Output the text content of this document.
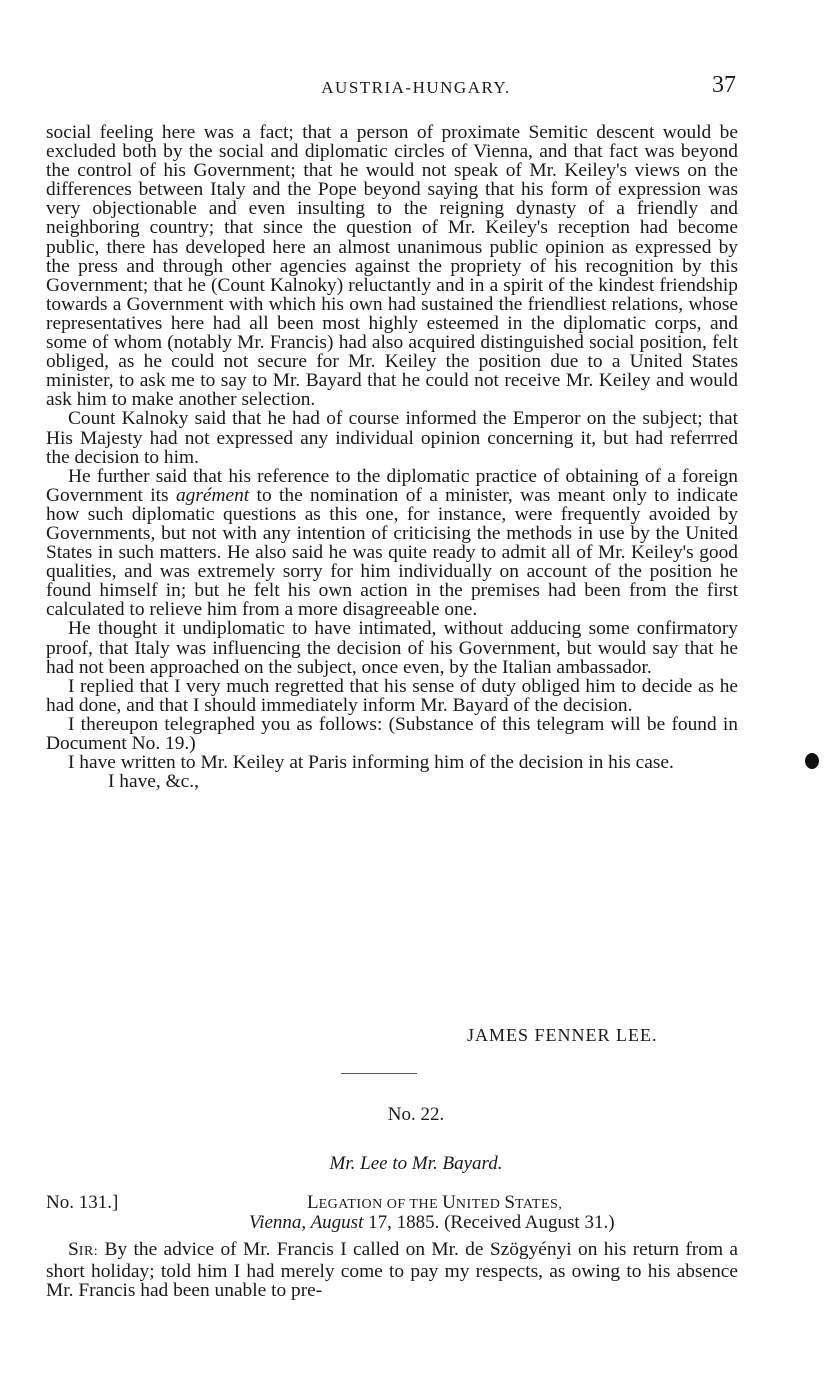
AUSTRIA-HUNGARY.	37

social feeling here was a fact; that a person of proximate Semitic descent would be excluded both by the social and diplomatic circles of Vienna, and that fact was beyond the control of his Government; that he would not speak of Mr. Keiley's views on the differences between Italy and the Pope beyond saying that his form of expression was very objectionable and even insulting to the reigning dynasty of a friendly and neighboring country; that since the question of Mr. Keiley's reception had become public, there has developed here an almost unanimous public opinion as expressed by the press and through other agencies against the propriety of his recognition by this Government; that he (Count Kalnoky) reluctantly and in a spirit of the kindest friendship towards a Government with which his own had sustained the friendliest relations, whose representatives here had all been most highly esteemed in the diplomatic corps, and some of whom (notably Mr. Francis) had also acquired distinguished social position, felt obliged, as he could not secure for Mr. Keiley the position due to a United States minister, to ask me to say to Mr. Bayard that he could not receive Mr. Keiley and would ask him to make another selection.

Count Kalnoky said that he had of course informed the Emperor on the subject; that His Majesty had not expressed any individual opinion concerning it, but had referrred the decision to him.

He further said that his reference to the diplomatic practice of obtaining of a foreign Government its agrément to the nomination of a minister, was meant only to indicate how such diplomatic questions as this one, for instance, were frequently avoided by Governments, but not with any intention of criticising the methods in use by the United States in such matters. He also said he was quite ready to admit all of Mr. Keiley's good qualities, and was extremely sorry for him individually on account of the position he found himself in; but he felt his own action in the premises had been from the first calculated to relieve him from a more disagreeable one.

He thought it undiplomatic to have intimated, without adducing some confirmatory proof, that Italy was influencing the decision of his Government, but would say that he had not been approached on the subject, once even, by the Italian ambassador.

I replied that I very much regretted that his sense of duty obliged him to decide as he had done, and that I should immediately inform Mr. Bayard of the decision.

I thereupon telegraphed you as follows: (Substance of this telegram will be found in Document No. 19.)

I have written to Mr. Keiley at Paris informing him of the decision in his case.

I have, &c.,

JAMES FENNER LEE.
No. 22.
Mr. Lee to Mr. Bayard.
No. 131.]	LEGATION OF THE UNITED STATES,
Vienna, August 17, 1885. (Received August 31.)

SIR: By the advice of Mr. Francis I called on Mr. de Szögyényi on his return from a short holiday; told him I had merely come to pay my respects, as owing to his absence Mr. Francis had been unable to pre-
